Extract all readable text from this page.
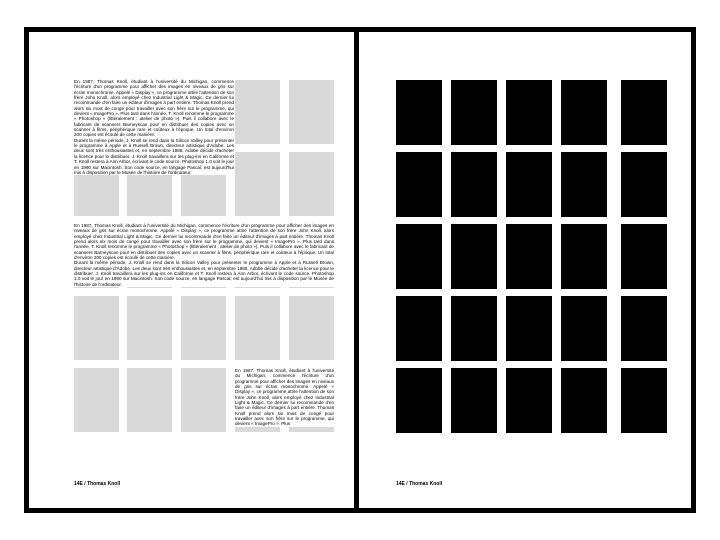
En 1987, Thomas Knoll, étudiant à l'université du Michigan, commence l'écriture d'un programme pour afficher des images en niveaux de gris sur écran monochrome. Appelé « Display », ce programme attire l'attention de son frère John Knoll, alors employé chez Industrial Light & Magic. Ce dernier lui recommande d'en faire un éditeur d'images à part entière. Thomas Knoll prend alors six mois de congé pour travailler avec son frère sur le programme, qui devient « ImagePro ». Plus tard dans l'année, T. Knoll renomme le programme « Photoshop » (littéralement : atelier de photo »). Puis il collabore avec le fabricant de scanners Barneyscan pour en distribuer des copies avec un scanner à films, périphérique rare et coûteux à l'époque. Un total d'environ 200 copies est écoulé de cette manière.

Durant la même période, J. Knoll se rend dans la Silicon Valley pour présenter le programme à Apple et à Russell Brown, directeur artistique d'Adobe. Les deux sont très enthousiastes et, en septembre 1988, Adobe décide d'acheter la licence pour le distribuer. J. Knoll travaillera sur les plug-ins en Californie et T. Knoll restera à Ann Arbor, écrivant le code source. Photoshop 1.0 voit le jour en 1990 sur Macintosh. Son code source, en langage Pascal, est aujourd'hui mis à disposition par le Musée de l'histoire de l'ordinateur.

En 1987, Thomas Knoll, étudiant à l'université du Michigan, commence l'écriture d'un programme pour afficher des images en niveaux de gris sur écran monochrome. Appelé « Display », ce programme attire l'attention de son frère John Knoll, alors employé chez Industrial Light & Magic. Ce dernier lui recommande d'en faire un éditeur d'images à part entière. Thomas Knoll prend alors six mois de congé pour travailler avec son frère sur le programme, qui devient « ImagePro ». Plus tard dans l'année, T. Knoll renomme le programme « Photoshop » (littéralement : atelier de photo »). Puis il collabore avec le fabricant de scanners Barneyscan pour en distribuer des copies avec un scanner à films, périphérique rare et coûteux à l'époque. Un total d'environ 200 copies est écoulé de cette manière.

Durant la même période, J. Knoll se rend dans la Silicon Valley pour présenter le programme à Apple et à Russell Brown, directeur artistique d'Adobe. Les deux sont très enthousiastes et, en septembre 1988, Adobe décide d'acheter la licence pour le distribuer. J. Knoll travaillera sur les plug-ins en Californie et T. Knoll restera à Ann Arbor, écrivant le code source. Photoshop 1.0 voit le jour en 1990 sur Macintosh. Son code source, en langage Pascal, est aujourd'hui mis à disposition par le Musée de l'histoire de l'ordinateur.

En 1987, Thomas Knoll, étudiant à l'université du Michigan, commence l'écriture d'un programme pour afficher des images en niveaux de gris sur écran monochrome. Appelé « Display », ce programme attire l'attention de son frère John Knoll, alors employé chez Industrial Light & Magic. Ce dernier lui recommande d'en faire un éditeur d'images à part entière. Thomas Knoll prend alors six mois de congé pour travailler avec son frère sur le programme, qui devient « ImagePro ». Plus

14E / Thomas Knoll	14E / Thomas Knoll
